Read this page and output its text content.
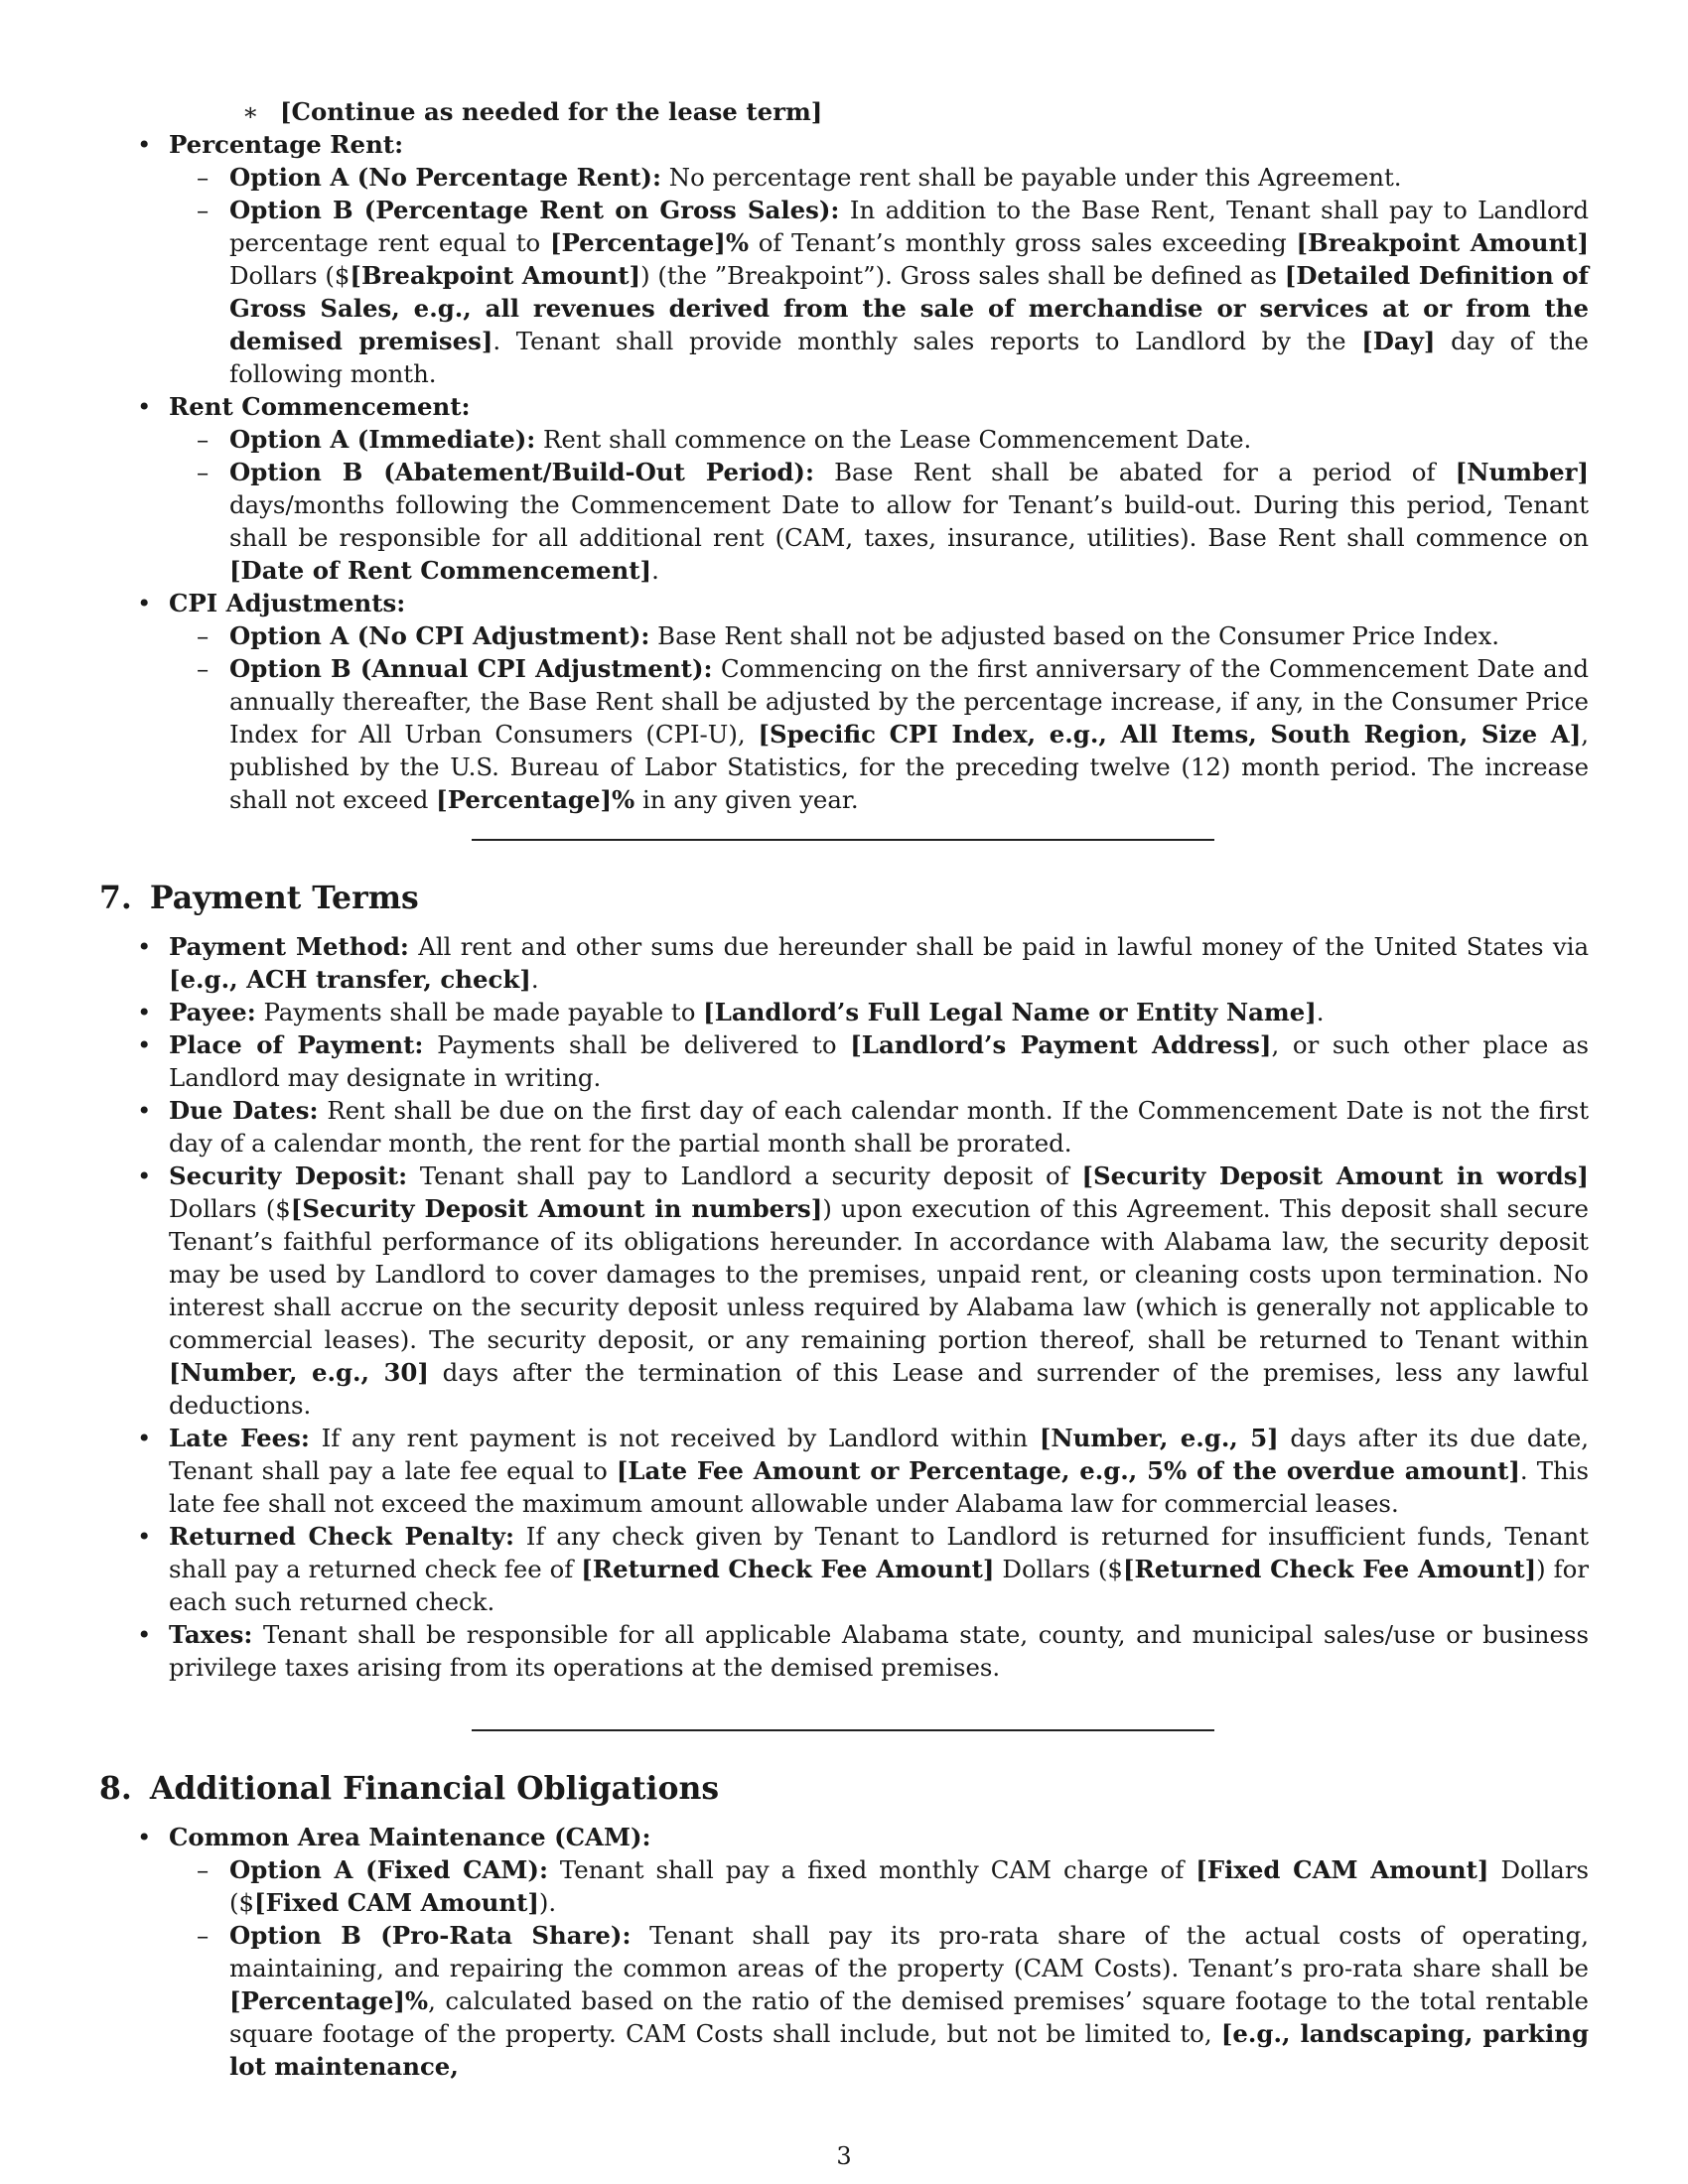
∗ [Continue as needed for the lease term]
• Percentage Rent:
– Option A (No Percentage Rent): No percentage rent shall be payable under this Agreement.
– Option B (Percentage Rent on Gross Sales): In addition to the Base Rent, Tenant shall pay to Landlord percentage rent equal to [Percentage]% of Tenant’s monthly gross sales exceeding [Breakpoint Amount] Dollars ($[Breakpoint Amount]) (the ”Breakpoint”). Gross sales shall be defined as [Detailed Definition of Gross Sales, e.g., all revenues derived from the sale of merchandise or services at or from the demised premises]. Tenant shall provide monthly sales reports to Landlord by the [Day] day of the following month.
• Rent Commencement:
– Option A (Immediate): Rent shall commence on the Lease Commencement Date.
– Option B (Abatement/Build-Out Period): Base Rent shall be abated for a period of [Number] days/months following the Commencement Date to allow for Tenant’s build-out. During this period, Tenant shall be responsible for all additional rent (CAM, taxes, insurance, utilities). Base Rent shall commence on [Date of Rent Commencement].
• CPI Adjustments:
– Option A (No CPI Adjustment): Base Rent shall not be adjusted based on the Consumer Price Index.
– Option B (Annual CPI Adjustment): Commencing on the first anniversary of the Commencement Date and annually thereafter, the Base Rent shall be adjusted by the percentage increase, if any, in the Consumer Price Index for All Urban Consumers (CPI-U), [Specific CPI Index, e.g., All Items, South Region, Size A], published by the U.S. Bureau of Labor Statistics, for the preceding twelve (12) month period. The increase shall not exceed [Percentage]% in any given year.
7. Payment Terms
• Payment Method: All rent and other sums due hereunder shall be paid in lawful money of the United States via [e.g., ACH transfer, check].
• Payee: Payments shall be made payable to [Landlord’s Full Legal Name or Entity Name].
• Place of Payment: Payments shall be delivered to [Landlord’s Payment Address], or such other place as Landlord may designate in writing.
• Due Dates: Rent shall be due on the first day of each calendar month. If the Commencement Date is not the first day of a calendar month, the rent for the partial month shall be prorated.
• Security Deposit: Tenant shall pay to Landlord a security deposit of [Security Deposit Amount in words] Dollars ($[Security Deposit Amount in numbers]) upon execution of this Agreement. This deposit shall secure Tenant’s faithful performance of its obligations hereunder. In accordance with Alabama law, the security deposit may be used by Landlord to cover damages to the premises, unpaid rent, or cleaning costs upon termination. No interest shall accrue on the security deposit unless required by Alabama law (which is generally not applicable to commercial leases). The security deposit, or any remaining portion thereof, shall be returned to Tenant within [Number, e.g., 30] days after the termination of this Lease and surrender of the premises, less any lawful deductions.
• Late Fees: If any rent payment is not received by Landlord within [Number, e.g., 5] days after its due date, Tenant shall pay a late fee equal to [Late Fee Amount or Percentage, e.g., 5% of the overdue amount]. This late fee shall not exceed the maximum amount allowable under Alabama law for commercial leases.
• Returned Check Penalty: If any check given by Tenant to Landlord is returned for insufficient funds, Tenant shall pay a returned check fee of [Returned Check Fee Amount] Dollars ($[Returned Check Fee Amount]) for each such returned check.
• Taxes: Tenant shall be responsible for all applicable Alabama state, county, and municipal sales/use or business privilege taxes arising from its operations at the demised premises.
8. Additional Financial Obligations
• Common Area Maintenance (CAM):
– Option A (Fixed CAM): Tenant shall pay a fixed monthly CAM charge of [Fixed CAM Amount] Dollars ($[Fixed CAM Amount]).
– Option B (Pro-Rata Share): Tenant shall pay its pro-rata share of the actual costs of operating, maintaining, and repairing the common areas of the property (CAM Costs). Tenant’s pro-rata share shall be [Percentage]%, calculated based on the ratio of the demised premises’ square footage to the total rentable square footage of the property. CAM Costs shall include, but not be limited to, [e.g., landscaping, parking lot maintenance,
3
